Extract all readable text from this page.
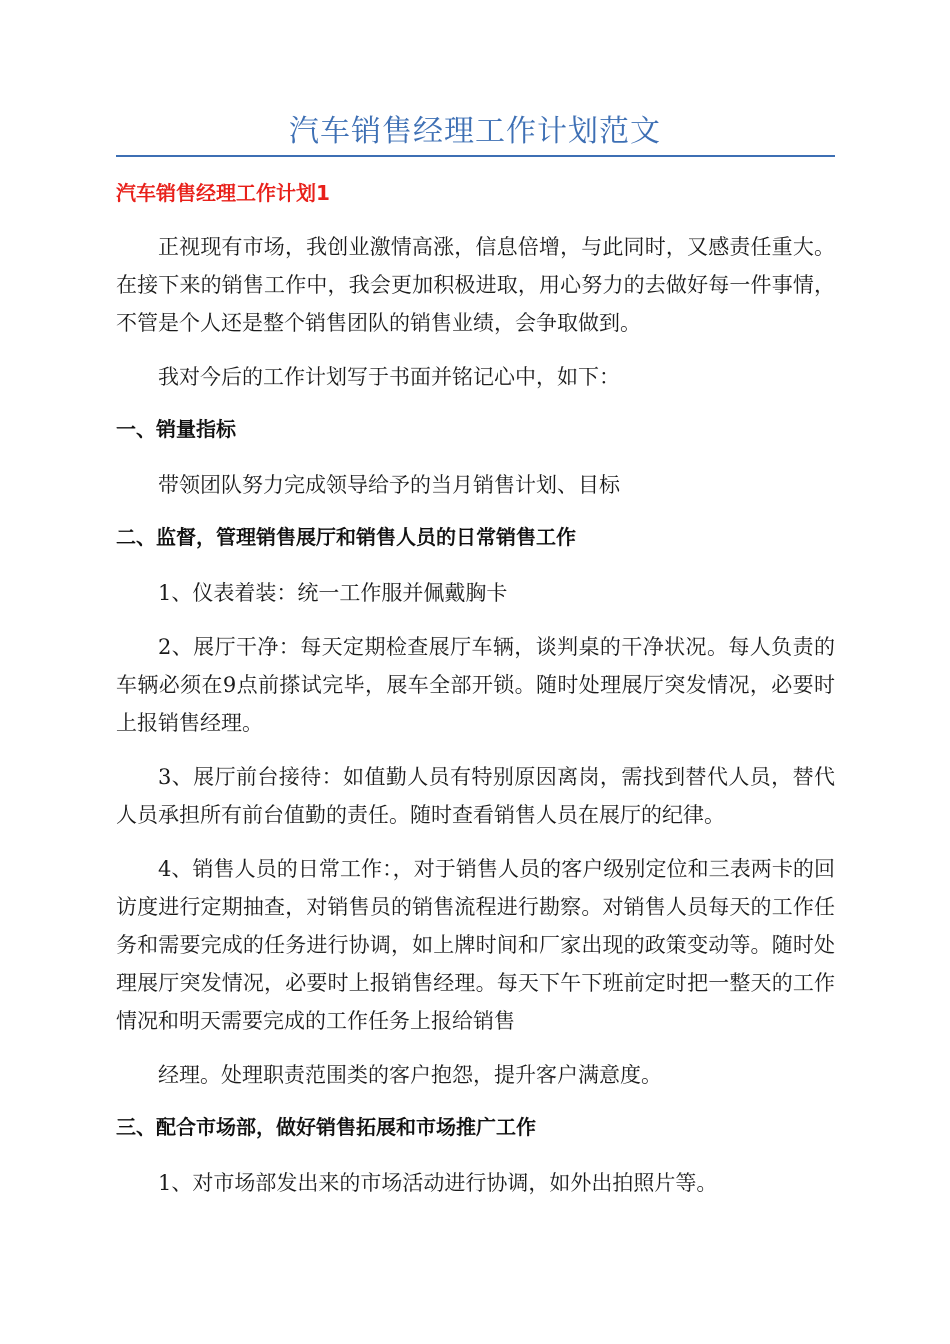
汽车销售经理工作计划范文
汽车销售经理工作计划1

正视现有市场，我创业激情高涨，信息倍增，与此同时，又感责任重大。在接下来的销售工作中，我会更加积极进取，用心努力的去做好每一件事情，不管是个人还是整个销售团队的销售业绩，会争取做到。

我对今后的工作计划写于书面并铭记心中，如下：

一、销量指标

带领团队努力完成领导给予的当月销售计划、目标

二、监督，管理销售展厅和销售人员的日常销售工作

1、仪表着装：统一工作服并佩戴胸卡

2、展厅干净：每天定期检查展厅车辆，谈判桌的干净状况。每人负责的车辆必须在9点前搽试完毕，展车全部开锁。随时处理展厅突发情况，必要时上报销售经理。

3、展厅前台接待：如值勤人员有特别原因离岗，需找到替代人员，替代人员承担所有前台值勤的责任。随时查看销售人员在展厅的纪律。

4、销售人员的日常工作：，对于销售人员的客户级别定位和三表两卡的回访度进行定期抽查，对销售员的销售流程进行勘察。对销售人员每天的工作任务和需要完成的任务进行协调，如上牌时间和厂家出现的政策变动等。随时处理展厅突发情况，必要时上报销售经理。每天下午下班前定时把一整天的工作情况和明天需要完成的工作任务上报给销售

经理。处理职责范围类的客户抱怨，提升客户满意度。

三、配合市场部，做好销售拓展和市场推广工作

1、对市场部发出来的市场活动进行协调，如外出拍照片等。
